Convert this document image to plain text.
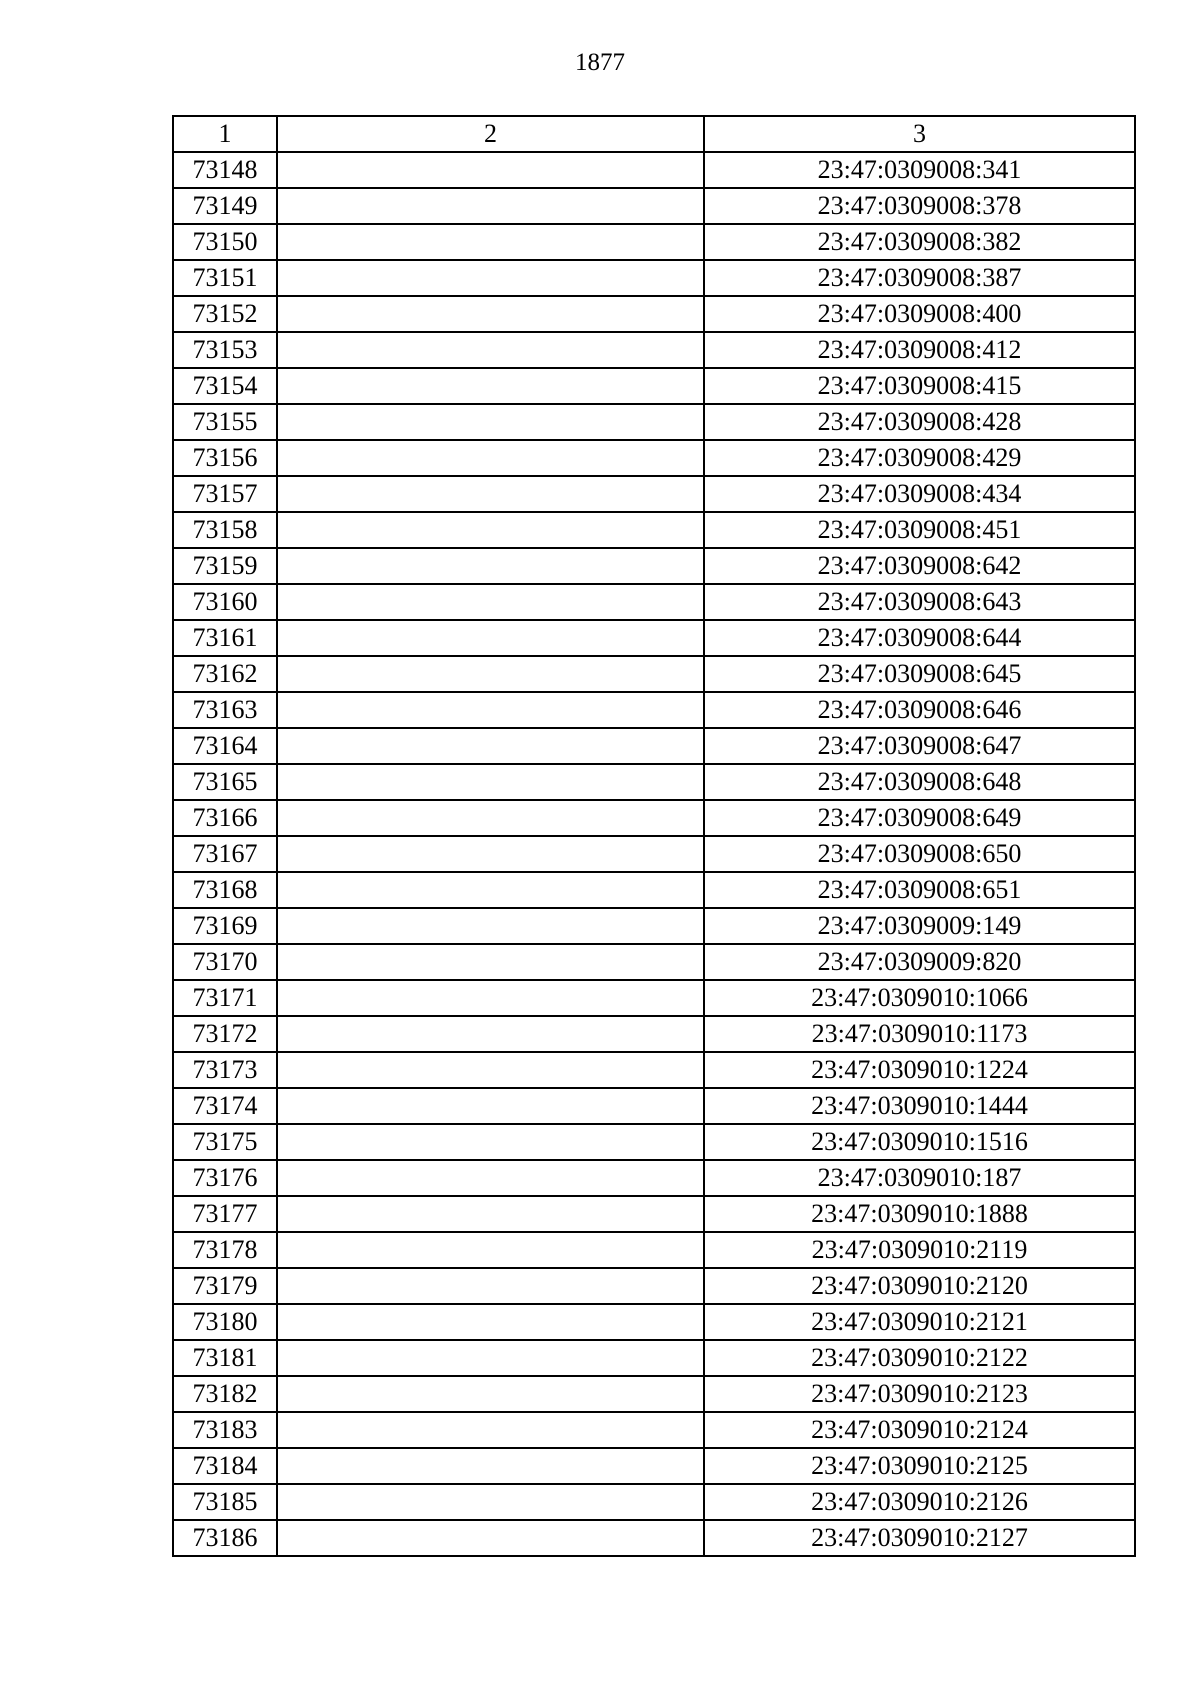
1877
1	2	3
73148		23:47:0309008:341
73149		23:47:0309008:378
73150		23:47:0309008:382
73151		23:47:0309008:387
73152		23:47:0309008:400
73153		23:47:0309008:412
73154		23:47:0309008:415
73155		23:47:0309008:428
73156		23:47:0309008:429
73157		23:47:0309008:434
73158		23:47:0309008:451
73159		23:47:0309008:642
73160		23:47:0309008:643
73161		23:47:0309008:644
73162		23:47:0309008:645
73163		23:47:0309008:646
73164		23:47:0309008:647
73165		23:47:0309008:648
73166		23:47:0309008:649
73167		23:47:0309008:650
73168		23:47:0309008:651
73169		23:47:0309009:149
73170		23:47:0309009:820
73171		23:47:0309010:1066
73172		23:47:0309010:1173
73173		23:47:0309010:1224
73174		23:47:0309010:1444
73175		23:47:0309010:1516
73176		23:47:0309010:187
73177		23:47:0309010:1888
73178		23:47:0309010:2119
73179		23:47:0309010:2120
73180		23:47:0309010:2121
73181		23:47:0309010:2122
73182		23:47:0309010:2123
73183		23:47:0309010:2124
73184		23:47:0309010:2125
73185		23:47:0309010:2126
73186		23:47:0309010:2127
